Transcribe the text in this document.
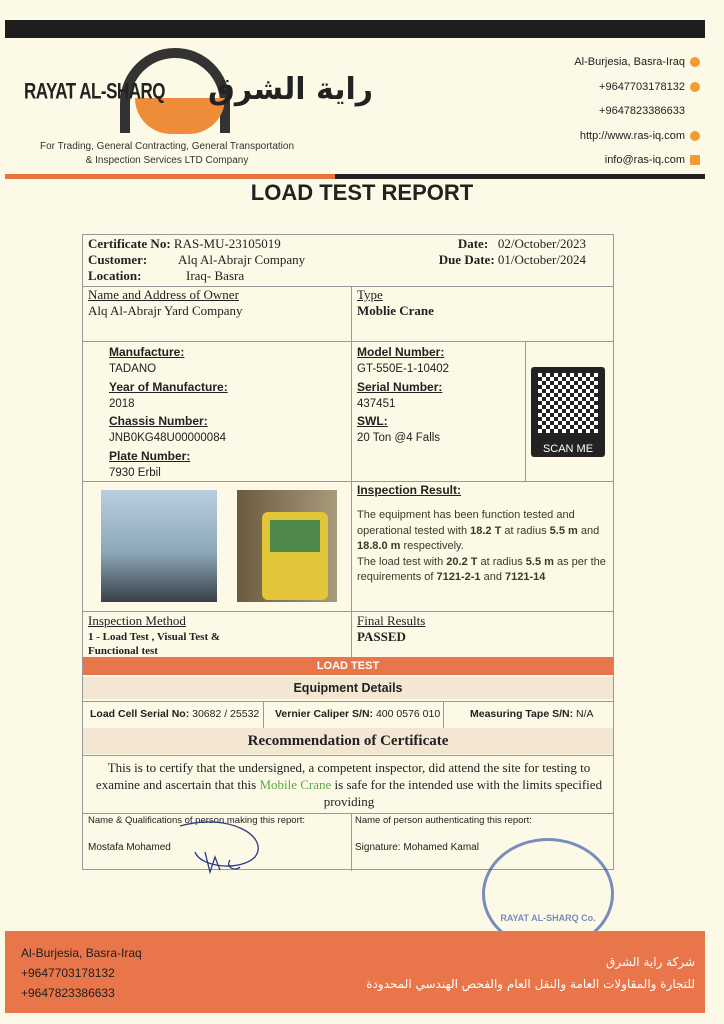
RAYAT AL-SHARQ راية الشرق
For Trading, General Contracting, General Transportation
& Inspection Services LTD Company
Al-Burjesia, Basra-Iraq
+9647703178132
+9647823386633
http://www.ras-iq.com
info@ras-iq.com
LOAD TEST REPORT
Certificate No: RAS-MU-23105019
Customer: Alq Al-Abrajr Company
Location:	Iraq- Basra
Date: 02/October/2023
Due Date: 01/October/2024
Name and Address of Owner
Alq Al-Abrajr Yard Company
Type
Moblie Crane
Manufacture:
TADANO
Year of Manufacture:
2018
Chassis Number:
JNB0KG48U00000084
Plate Number:
7930 Erbil
Model Number:
GT-550E-1-10402
Serial Number:
437451
SWL:
20 Ton @4 Falls
SCAN ME
Inspection Result:
The equipment has been function tested and operational tested with 18.2 T at radius 5.5 m and 18.8.0 m respectively.
The load test with 20.2 T at radius 5.5 m as per the requirements of 7121-2-1 and 7121-14
Inspection Method
1 - Load Test , Visual Test & Functional test
Final Results
PASSED
LOAD TEST
Equipment Details
Load Cell Serial No: 30682 / 25532 Vernier Caliper S/N: 400 0576 010	Measuring Tape S/N: N/A
Recommendation of Certificate
This is to certify that the undersigned, a competent inspector, did attend the site for testing to examine and ascertain that this Mobile Crane is safe for the intended use with the limits specified providing
Name & Qualifications of person making this report:
Mostafa Mohamed
Name of person authenticating this report:
Signature: Mohamed Kamal
RAYAT AL-SHARQ Co.
Al-Burjesia, Basra-Iraq
+9647703178132
+9647823386633
شركة راية الشرق
للتجارة والمقاولات العامة والنقل العام والفحص الهندسي المحدودة
